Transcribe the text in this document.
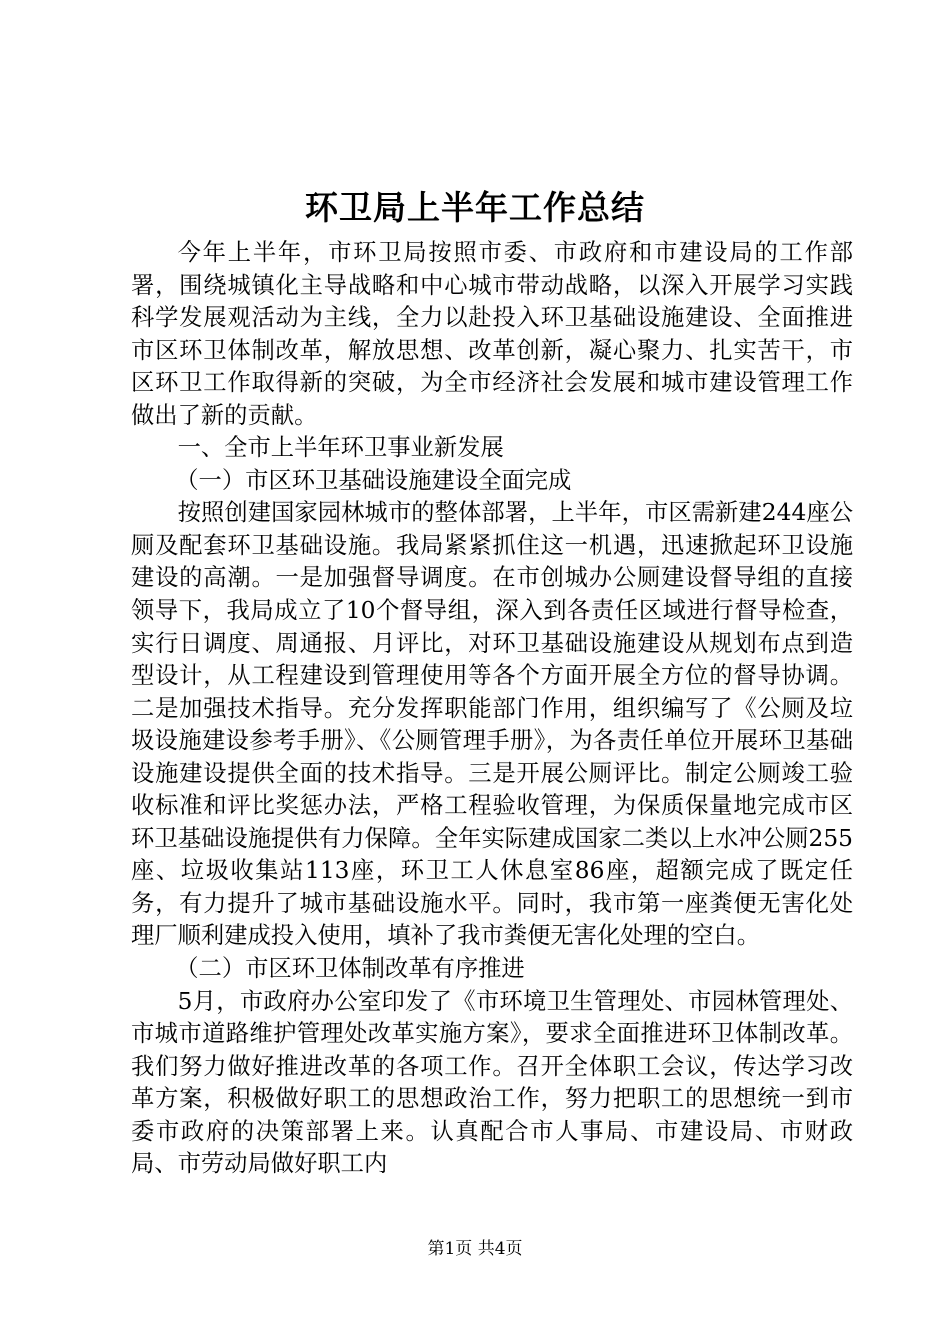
环卫局上半年工作总结

今年上半年，市环卫局按照市委、市政府和市建设局的工作部署，围绕城镇化主导战略和中心城市带动战略，以深入开展学习实践科学发展观活动为主线，全力以赴投入环卫基础设施建设、全面推进市区环卫体制改革，解放思想、改革创新，凝心聚力、扎实苦干，市区环卫工作取得新的突破，为全市经济社会发展和城市建设管理工作做出了新的贡献。

一、全市上半年环卫事业新发展

（一）市区环卫基础设施建设全面完成

按照创建国家园林城市的整体部署，上半年，市区需新建244座公厕及配套环卫基础设施。我局紧紧抓住这一机遇，迅速掀起环卫设施建设的高潮。一是加强督导调度。在市创城办公厕建设督导组的直接领导下，我局成立了10个督导组，深入到各责任区域进行督导检查，实行日调度、周通报、月评比，对环卫基础设施建设从规划布点到造型设计，从工程建设到管理使用等各个方面开展全方位的督导协调。二是加强技术指导。充分发挥职能部门作用，组织编写了《公厕及垃圾设施建设参考手册》、《公厕管理手册》，为各责任单位开展环卫基础设施建设提供全面的技术指导。三是开展公厕评比。制定公厕竣工验收标准和评比奖惩办法，严格工程验收管理，为保质保量地完成市区环卫基础设施提供有力保障。全年实际建成国家二类以上水冲公厕255座、垃圾收集站113座，环卫工人休息室86座，超额完成了既定任务，有力提升了城市基础设施水平。同时，我市第一座粪便无害化处理厂顺利建成投入使用，填补了我市粪便无害化处理的空白。

（二）市区环卫体制改革有序推进

5月，市政府办公室印发了《市环境卫生管理处、市园林管理处、市城市道路维护管理处改革实施方案》，要求全面推进环卫体制改革。我们努力做好推进改革的各项工作。召开全体职工会议，传达学习改革方案，积极做好职工的思想政治工作，努力把职工的思想统一到市委市政府的决策部署上来。认真配合市人事局、市建设局、市财政局、市劳动局做好职工内

第1页 共4页
